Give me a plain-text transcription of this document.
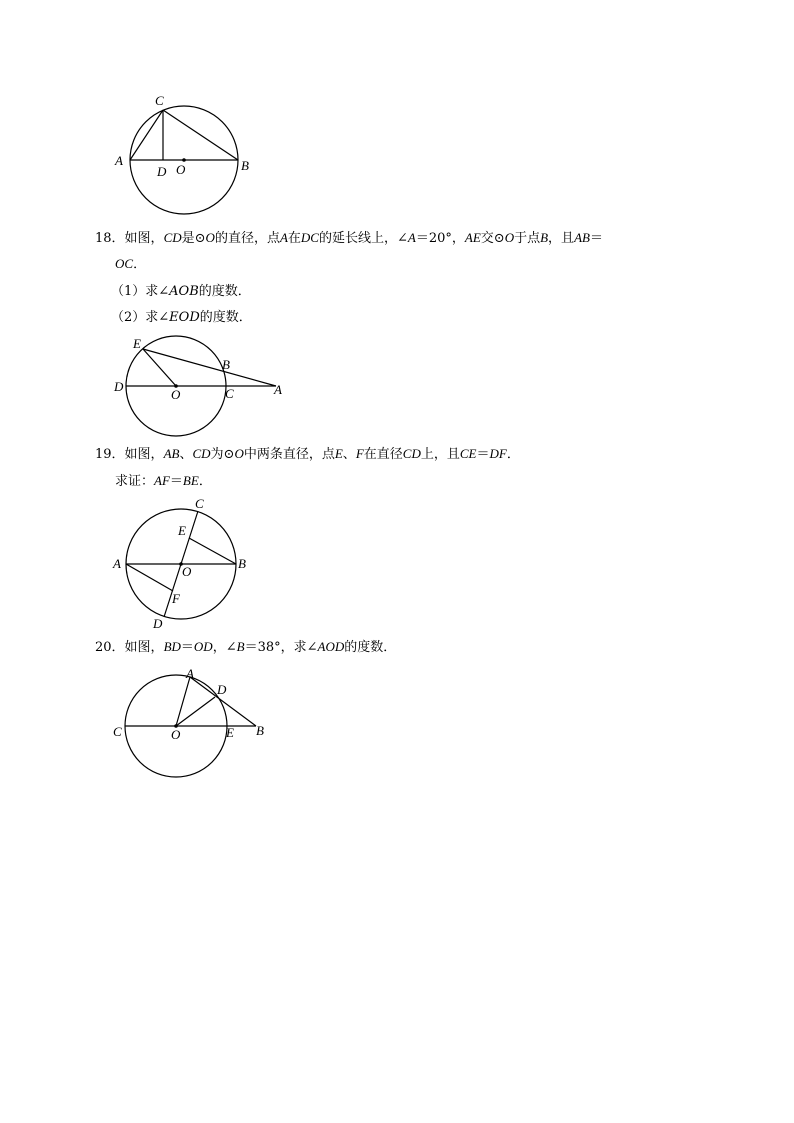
C
A	B
D O
18．如图，CD是⊙O的直径，点A在DC的延长线上，∠A＝20°，AE交⊙O于点B，且AB＝
OC．
（1）求∠AOB的度数．
（2）求∠EOD的度数．
E
B
D
O	C	A
19．如图，AB、CD为⊙O中两条直径，点E、F在直径CD上，且CE＝DF．
求证：AF＝BE．
C
E
A	B
O
F
D
20．如图，BD＝OD，∠B＝38°，求∠AOD的度数．
A
D
C	O	E B
